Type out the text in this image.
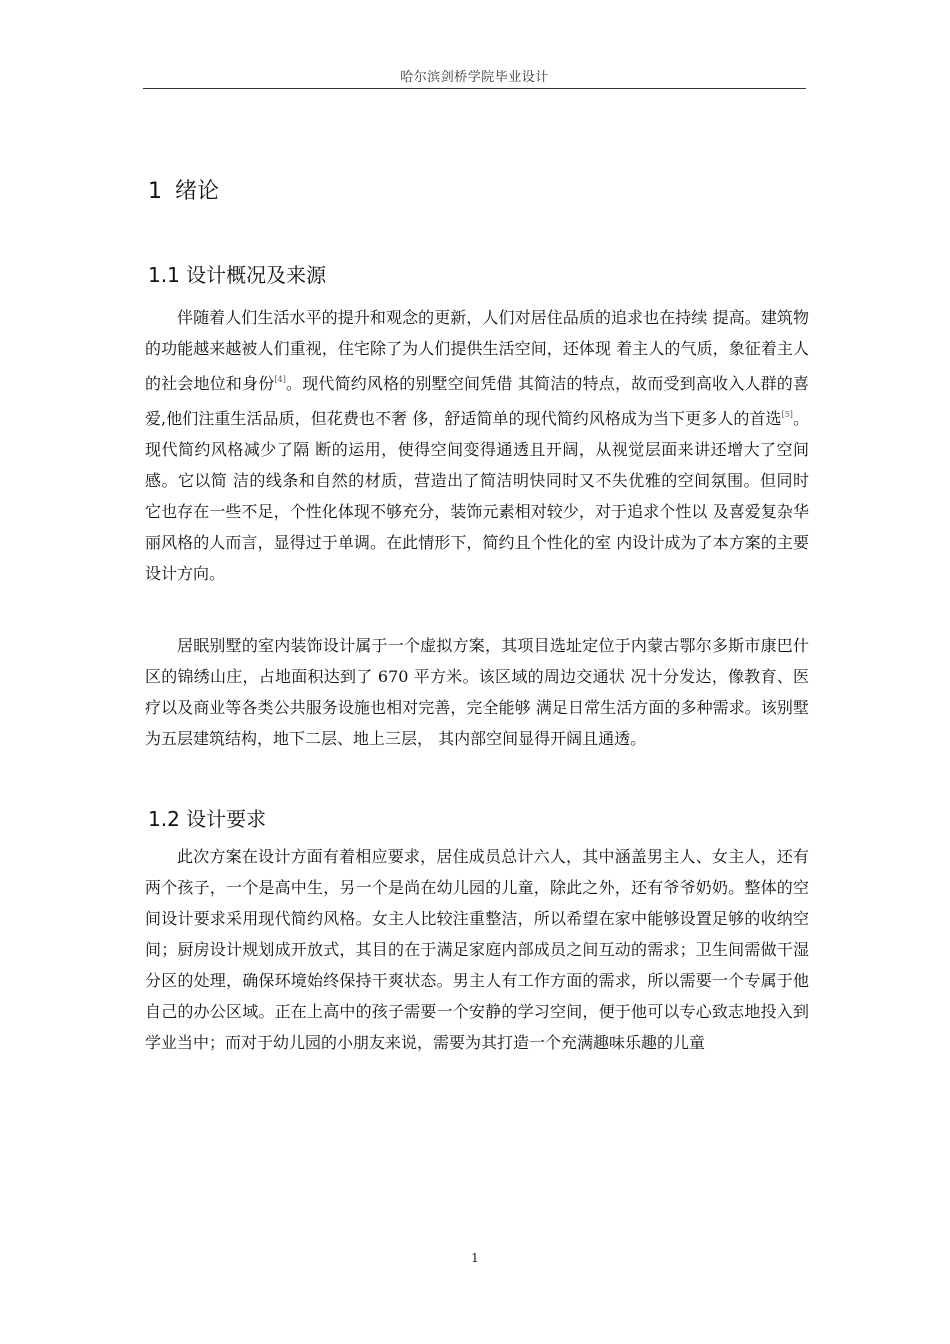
哈尔滨剑桥学院毕业设计
1 绪论
1.1 设计概况及来源

伴随着人们生活水平的提升和观念的更新，人们对居住品质的追求也在持续 提高。建筑物的功能越来越被人们重视，住宅除了为人们提供生活空间，还体现 着主人的气质，象征着主人的社会地位和身份[4]。现代简约风格的别墅空间凭借 其简洁的特点，故而受到高收入人群的喜爱,他们注重生活品质，但花费也不奢 侈，舒适简单的现代简约风格成为当下更多人的首选[5]。现代简约风格减少了隔 断的运用，使得空间变得通透且开阔，从视觉层面来讲还增大了空间感。它以简 洁的线条和自然的材质，营造出了简洁明快同时又不失优雅的空间氛围。但同时 它也存在一些不足，个性化体现不够充分，装饰元素相对较少，对于追求个性以 及喜爱复杂华丽风格的人而言，显得过于单调。在此情形下，简约且个性化的室 内设计成为了本方案的主要设计方向。

居眠别墅的室内装饰设计属于一个虚拟方案，其项目选址定位于内蒙古鄂尔多斯市康巴什区的锦绣山庄，占地面积达到了 670 平方米。该区域的周边交通状 况十分发达，像教育、医疗以及商业等各类公共服务设施也相对完善，完全能够 满足日常生活方面的多种需求。该别墅为五层建筑结构，地下二层、地上三层， 其内部空间显得开阔且通透。

1.2 设计要求

此次方案在设计方面有着相应要求，居住成员总计六人，其中涵盖男主人、女主人，还有两个孩子，一个是高中生，另一个是尚在幼儿园的儿童，除此之外，还有爷爷奶奶。整体的空间设计要求采用现代简约风格。女主人比较注重整洁，所以希望在家中能够设置足够的收纳空间；厨房设计规划成开放式，其目的在于满足家庭内部成员之间互动的需求；卫生间需做干湿分区的处理，确保环境始终保持干爽状态。男主人有工作方面的需求，所以需要一个专属于他自己的办公区域。正在上高中的孩子需要一个安静的学习空间，便于他可以专心致志地投入到学业当中；而对于幼儿园的小朋友来说，需要为其打造一个充满趣味乐趣的儿童

1
